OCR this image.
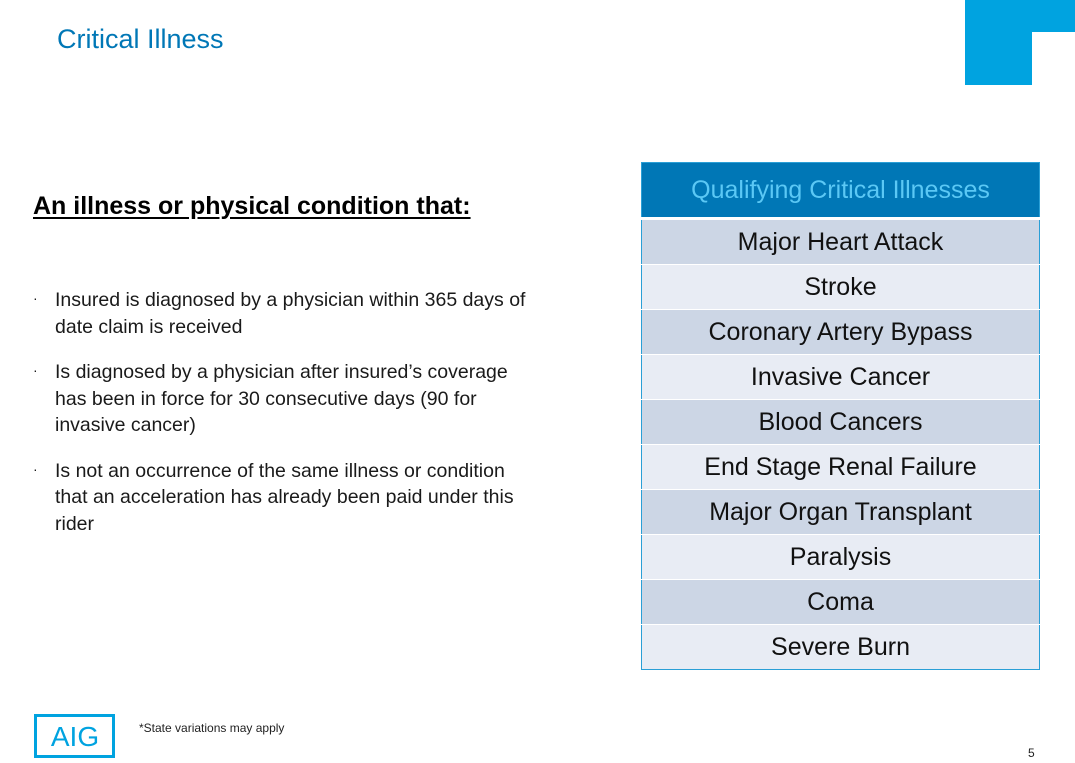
Critical Illness
An illness or physical condition that:
· Insured is diagnosed by a physician within 365 days of date claim is received
· Is diagnosed by a physician after insured’s coverage has been in force for 30 consecutive days (90 for invasive cancer)
· Is not an occurrence of the same illness or condition that an acceleration has already been paid under this rider
Qualifying Critical Illnesses
Major Heart Attack
Stroke
Coronary Artery Bypass
Invasive Cancer
Blood Cancers
End Stage Renal Failure
Major Organ Transplant
Paralysis
Coma
Severe Burn
AIG	*State variations may apply
5
